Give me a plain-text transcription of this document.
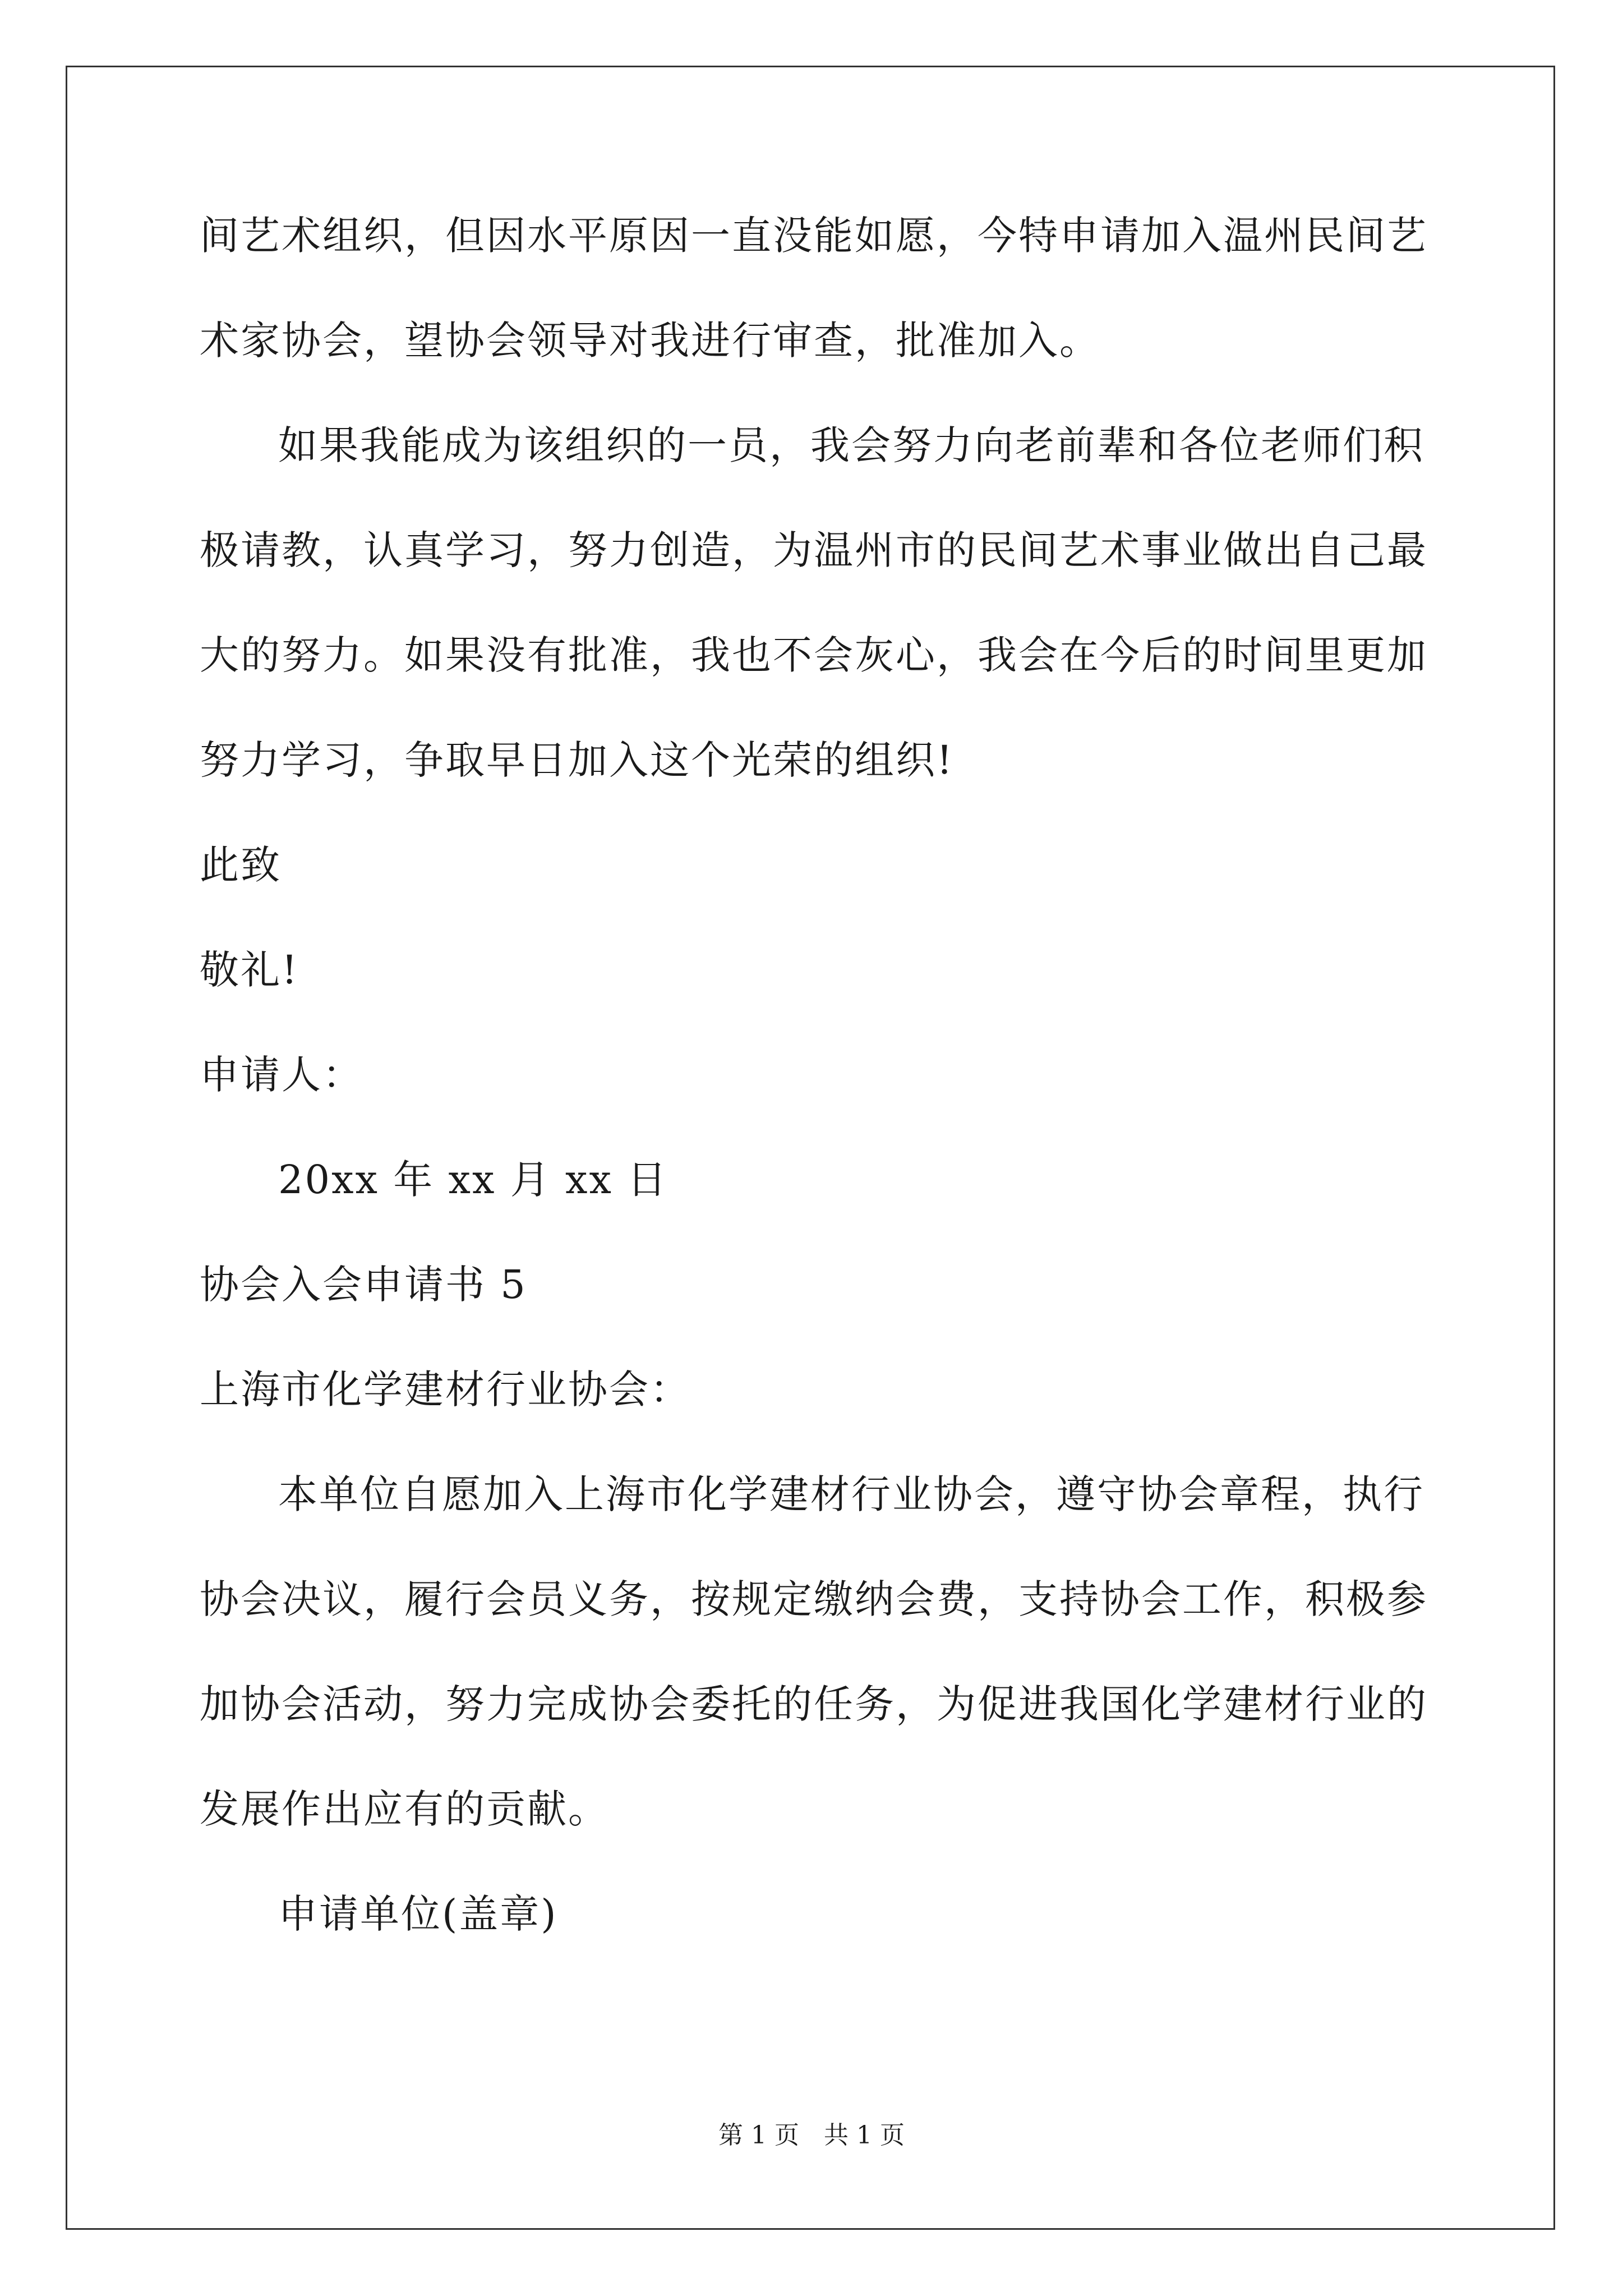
间艺术组织，但因水平原因一直没能如愿，今特申请加入温州民间艺
术家协会，望协会领导对我进行审查，批准加入。
如果我能成为该组织的一员，我会努力向老前辈和各位老师们积
极请教，认真学习，努力创造，为温州市的民间艺术事业做出自己最
大的努力。如果没有批准，我也不会灰心，我会在今后的时间里更加
努力学习，争取早日加入这个光荣的组织!
此致
敬礼!
申请人：
20xx 年 xx 月 xx 日
协会入会申请书 5
上海市化学建材行业协会：
本单位自愿加入上海市化学建材行业协会，遵守协会章程，执行
协会决议，履行会员义务，按规定缴纳会费，支持协会工作，积极参
加协会活动，努力完成协会委托的任务，为促进我国化学建材行业的
发展作出应有的贡献。
申请单位(盖章)
第 1 页　共 1 页
